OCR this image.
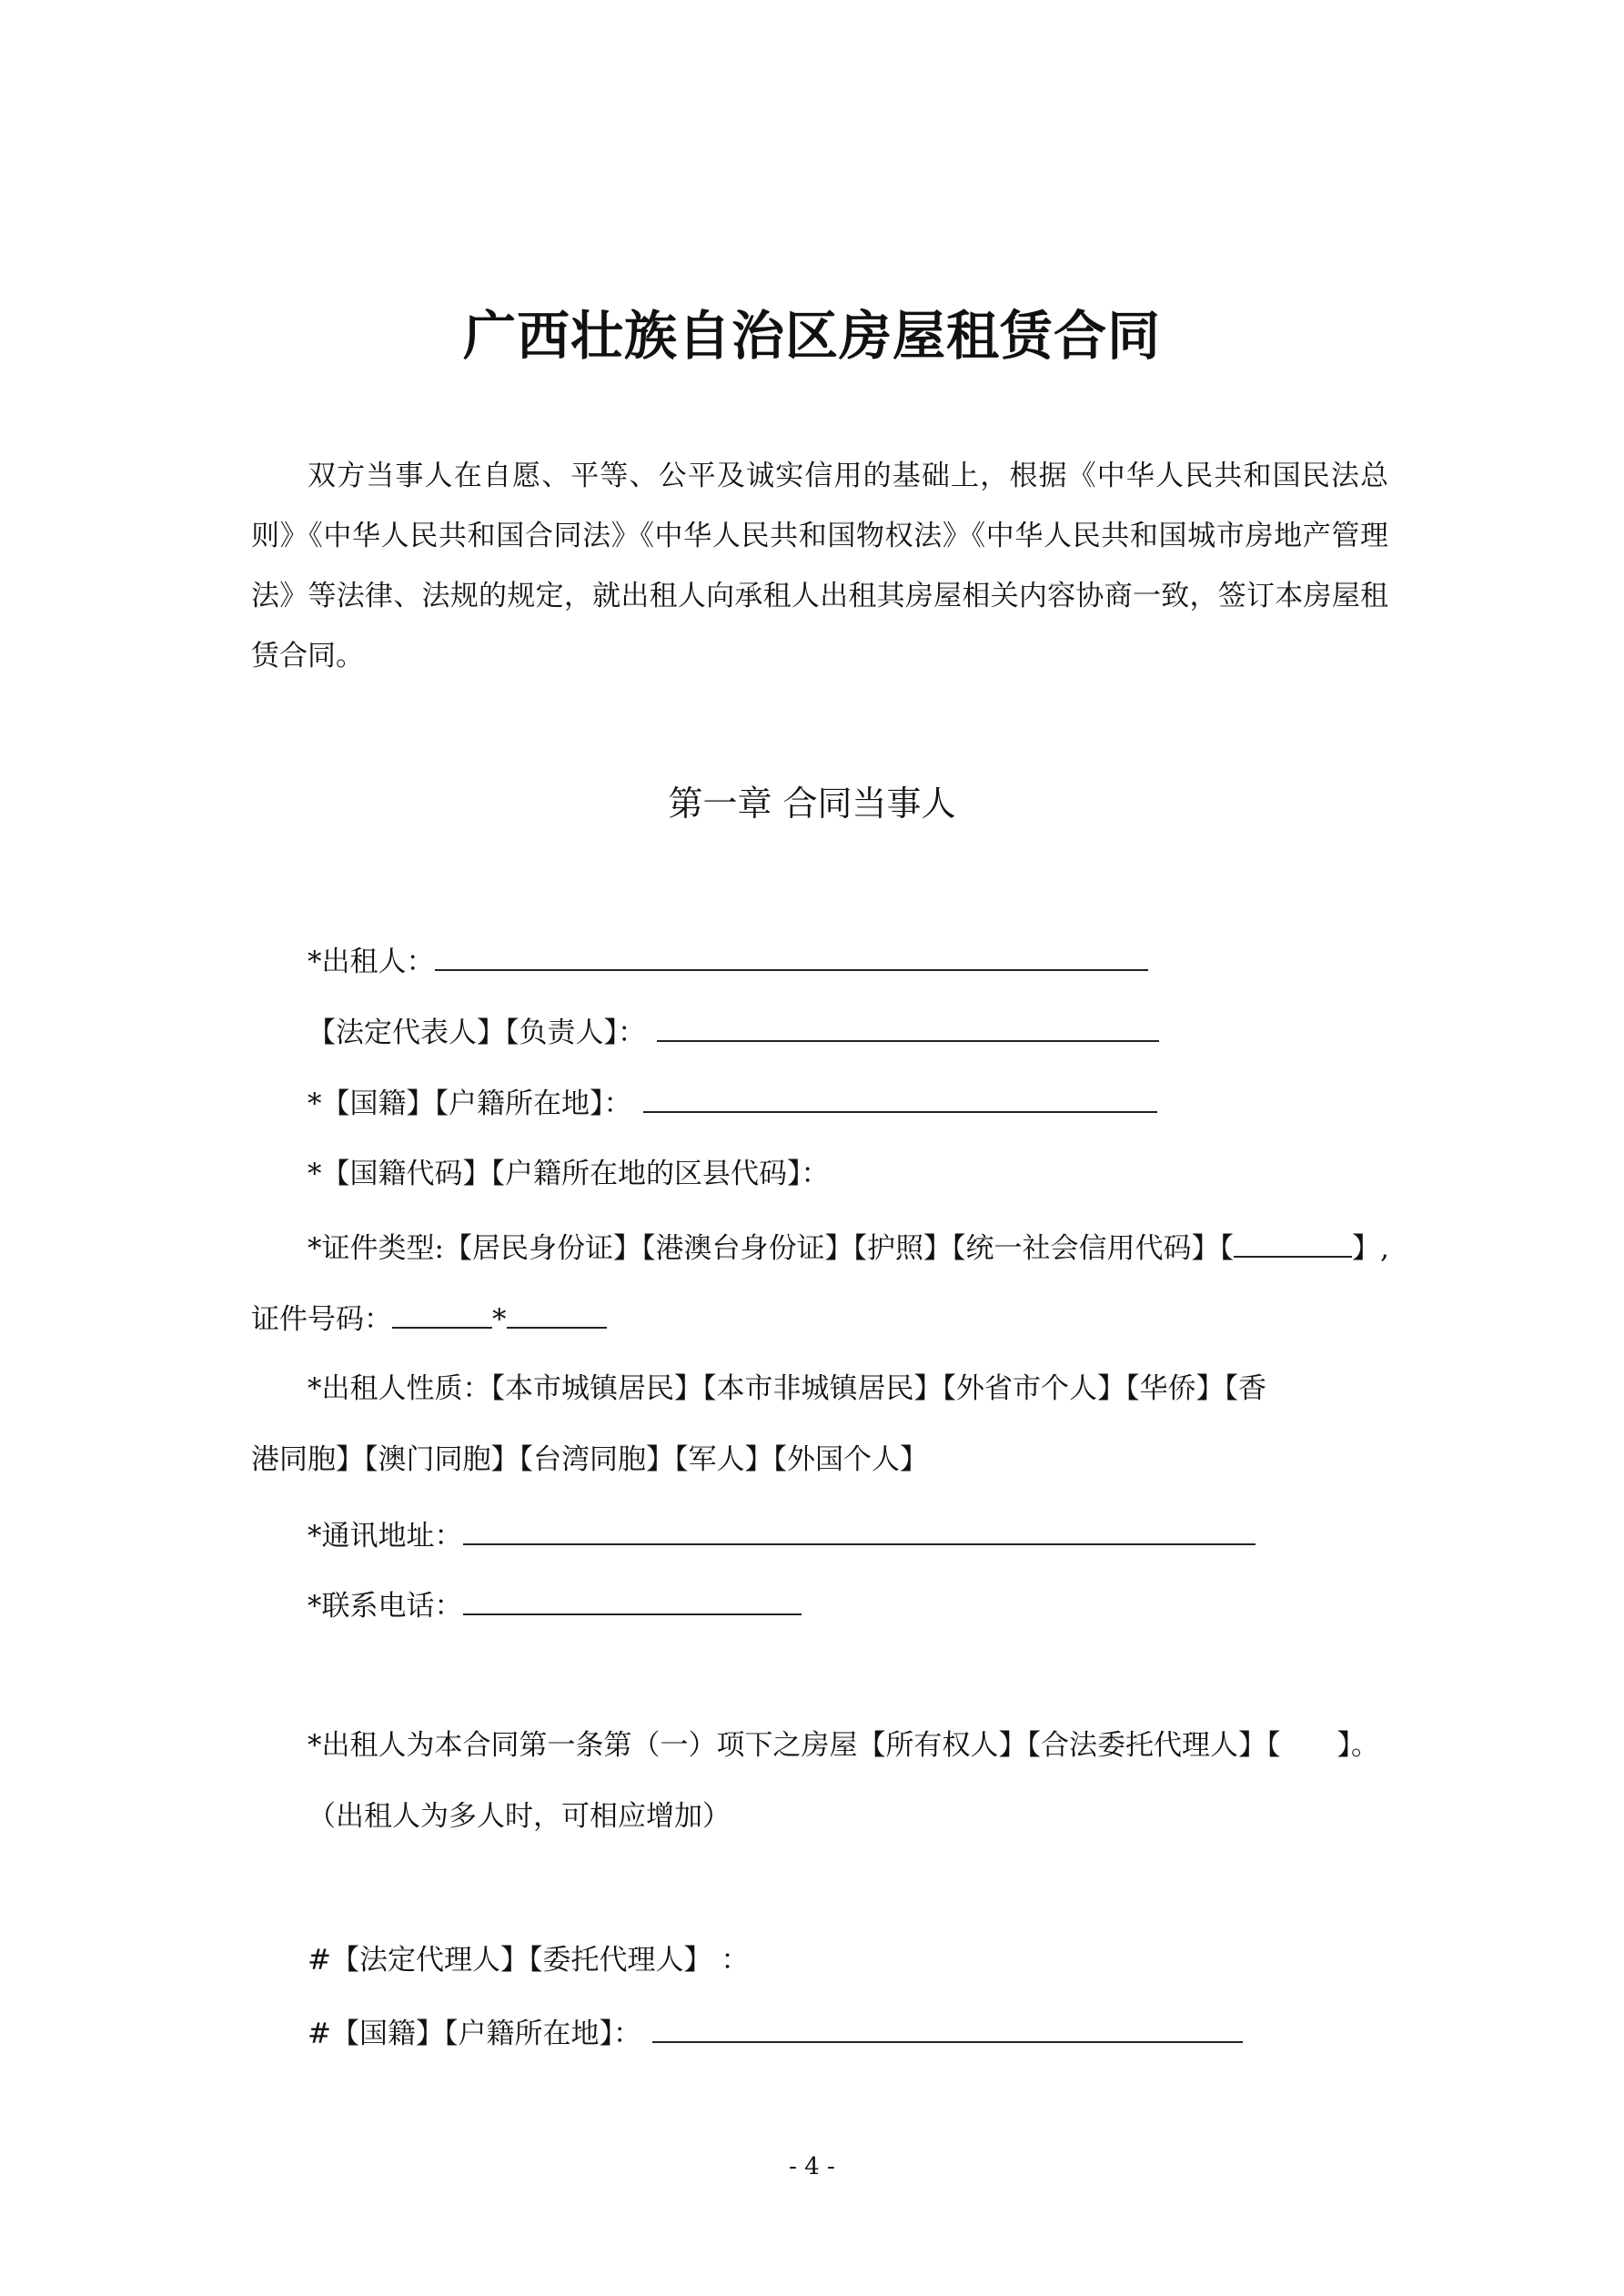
广西壮族自治区房屋租赁合同
双方当事人在自愿、平等、公平及诚实信用的基础上，根据《中华人民共和国民法总则》《中华人民共和国合同法》《中华人民共和国物权法》《中华人民共和国城市房地产管理法》等法律、法规的规定，就出租人向承租人出租其房屋相关内容协商一致，签订本房屋租赁合同。
第一章 合同当事人
*出租人：
【法定代表人】【负责人】：
*【国籍】【户籍所在地】：
*【国籍代码】【户籍所在地的区县代码】：
*证件类型:【居民身份证】【港澳台身份证】【护照】【统一社会信用代码】【	】,
证件号码：	*
*出租人性质：【本市城镇居民】【本市非城镇居民】【外省市个人】【华侨】【香
港同胞】【澳门同胞】【台湾同胞】【军人】【外国个人】
*通讯地址：
*联系电话：
*出租人为本合同第一条第（一）项下之房屋【所有权人】【合法委托代理人】【　　】。
（出租人为多人时，可相应增加）
#【法定代理人】【委托代理人】 ：
#【国籍】【户籍所在地】：
- 4 -
